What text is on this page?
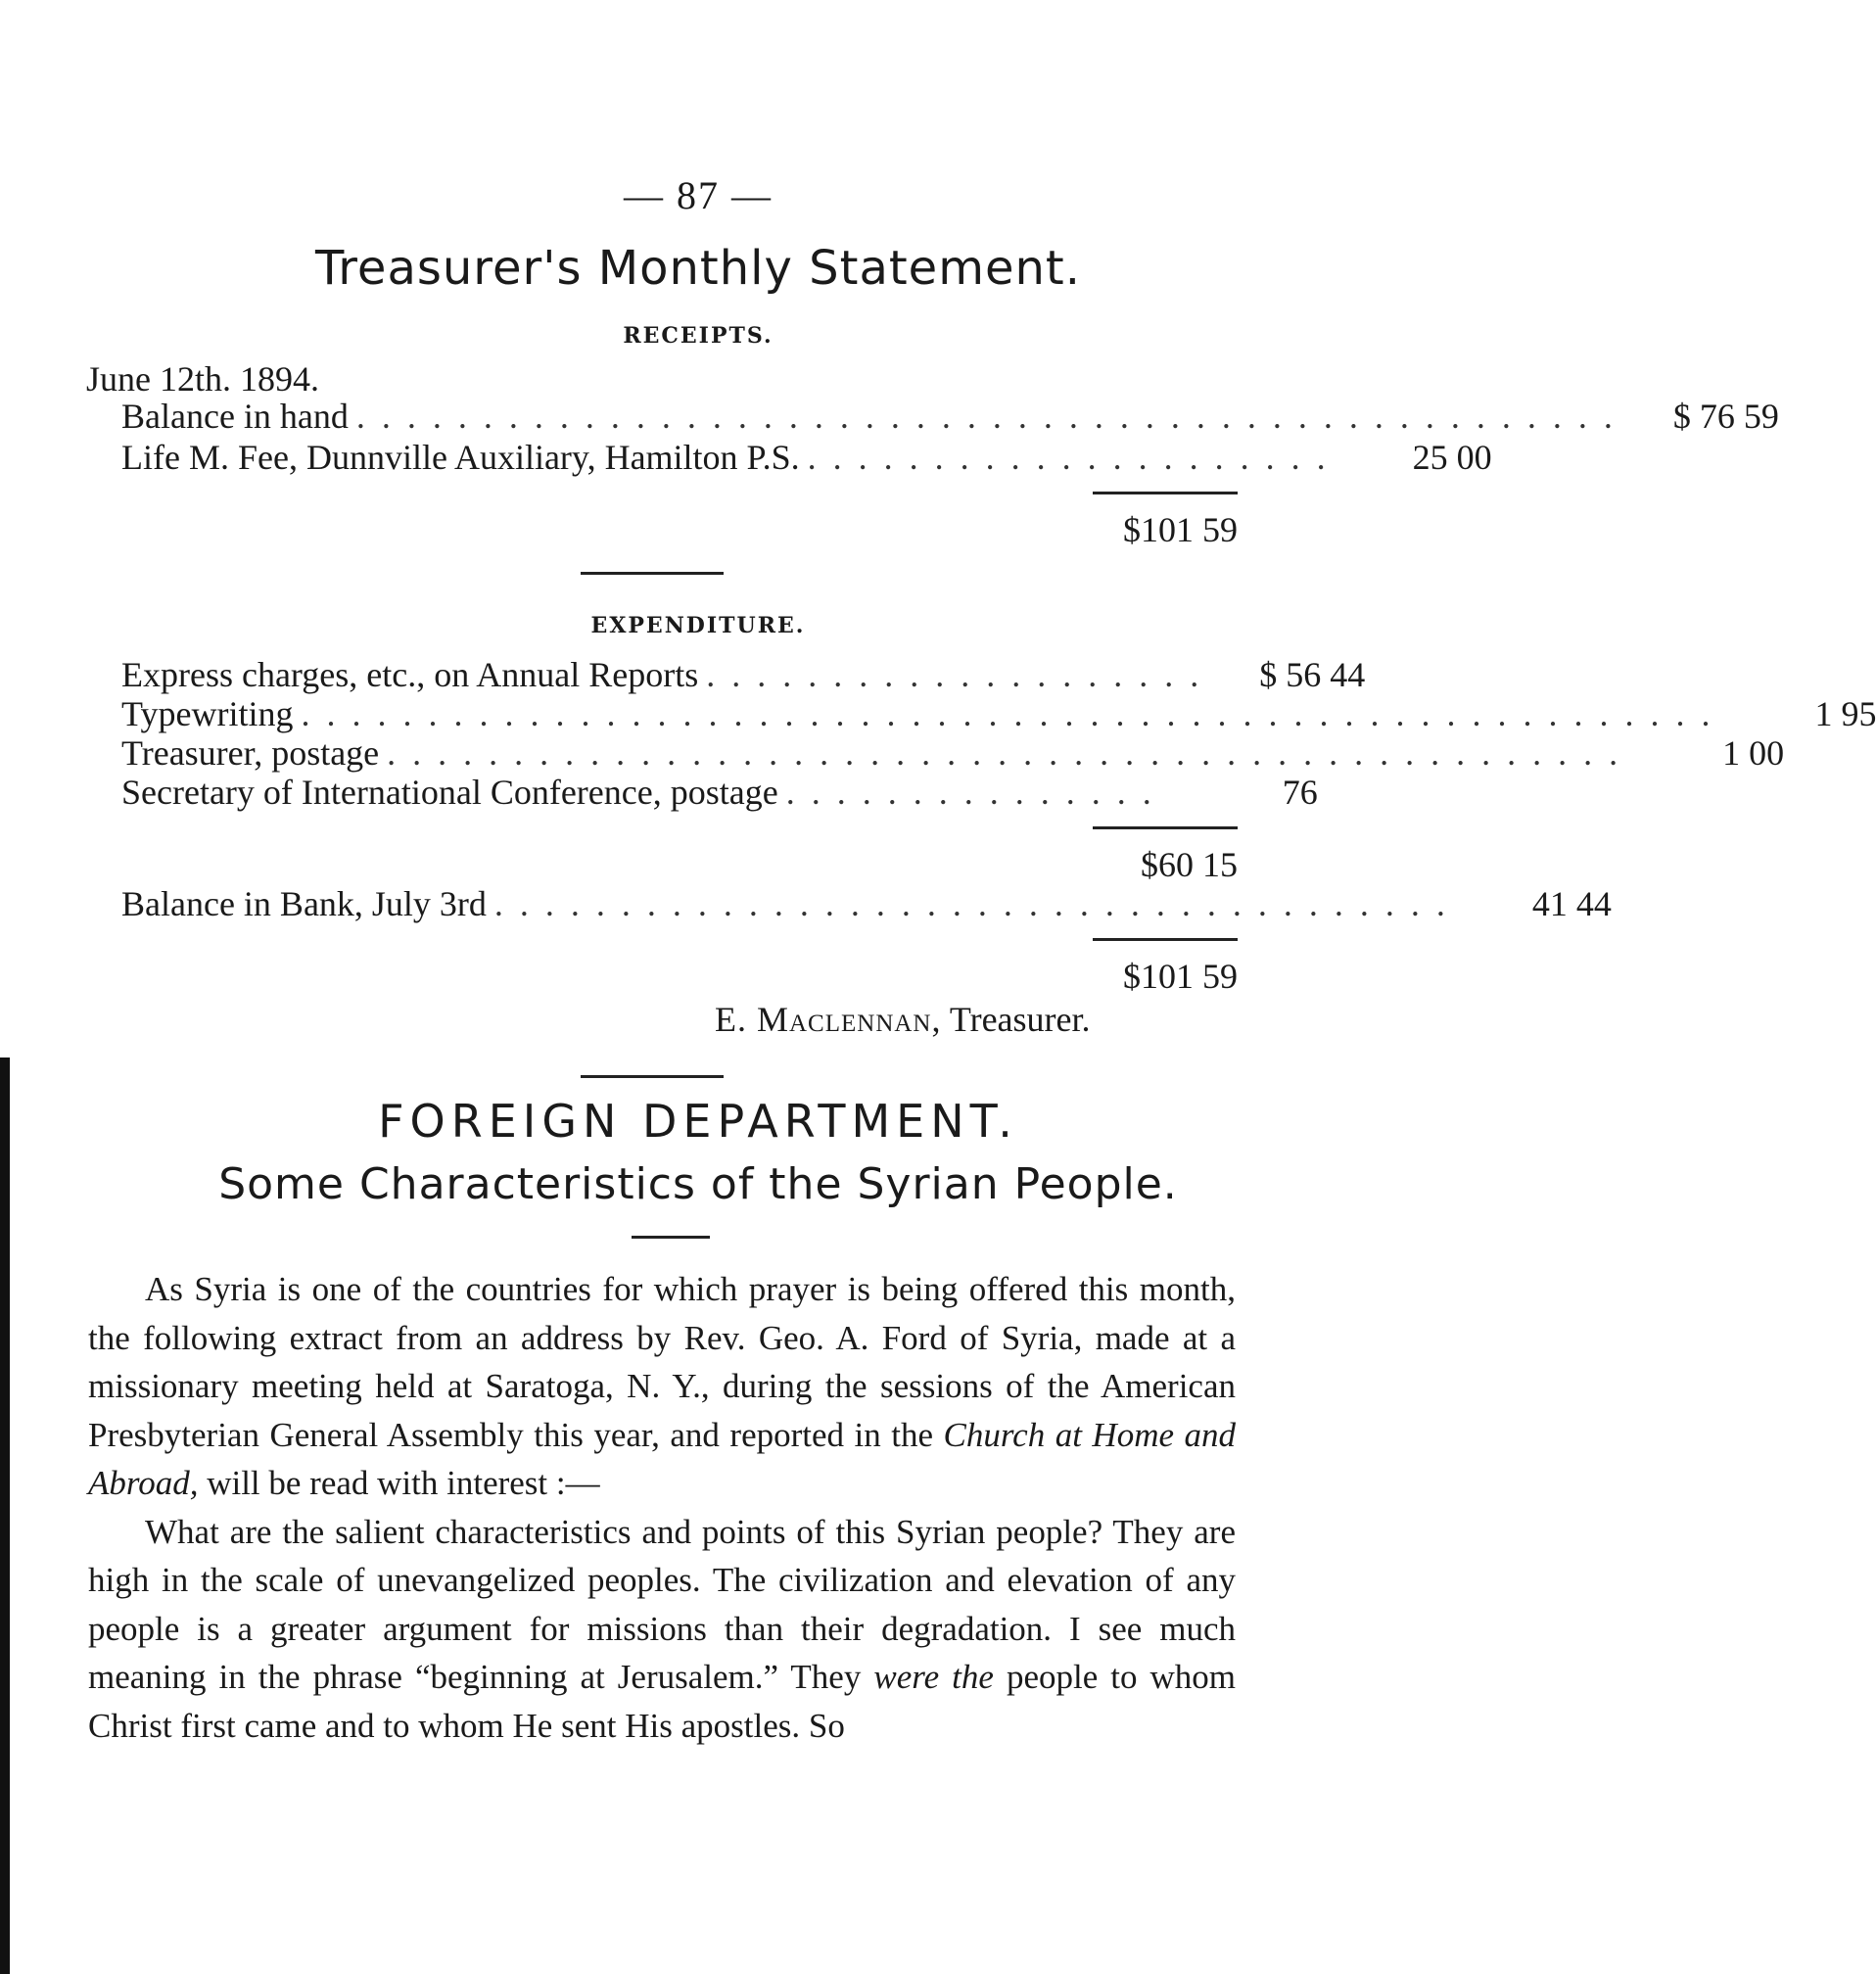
— 87 —
Treasurer's Monthly Statement.
RECEIPTS.
June 12th. 1894.
Balance in hand . . . . . . . . . . . . . . . . . . . . . . . . . . . . . . . . . . . . . . . . . . . . . . . . . .	$ 76 59
Life M. Fee, Dunnville Auxiliary, Hamilton P.S. . . . . . . . . . . . . . . . . . . . . .	25 00
$101 59
EXPENDITURE.
Express charges, etc., on Annual Reports . . . . . . . . . . . . . . . . . . . .	$ 56 44
Typewriting . . . . . . . . . . . . . . . . . . . . . . . . . . . . . . . . . . . . . . . . . . . . . . . . . . . . . . . .	1 95
Treasurer, postage . . . . . . . . . . . . . . . . . . . . . . . . . . . . . . . . . . . . . . . . . . . . . . . . .	1 00
Secretary of International Conference, postage . . . . . . . . . . . . . . .	76
$60 15
Balance in Bank, July 3rd . . . . . . . . . . . . . . . . . . . . . . . . . . . . . . . . . . . . . .	41 44
$101 59
E. Maclennan, Treasurer.
FOREIGN DEPARTMENT.
Some Characteristics of the Syrian People.

As Syria is one of the countries for which prayer is being offered this month, the following extract from an address by Rev. Geo. A. Ford of Syria, made at a missionary meeting held at Saratoga, N. Y., during the sessions of the American Presbyterian General Assembly this year, and reported in the Church at Home and Abroad, will be read with interest :—

What are the salient characteristics and points of this Syrian people? They are high in the scale of unevangelized peoples. The civilization and elevation of any people is a greater argument for missions than their degradation. I see much meaning in the phrase “beginning at Jerusalem.” They were the people to whom Christ first came and to whom He sent His apostles. So
